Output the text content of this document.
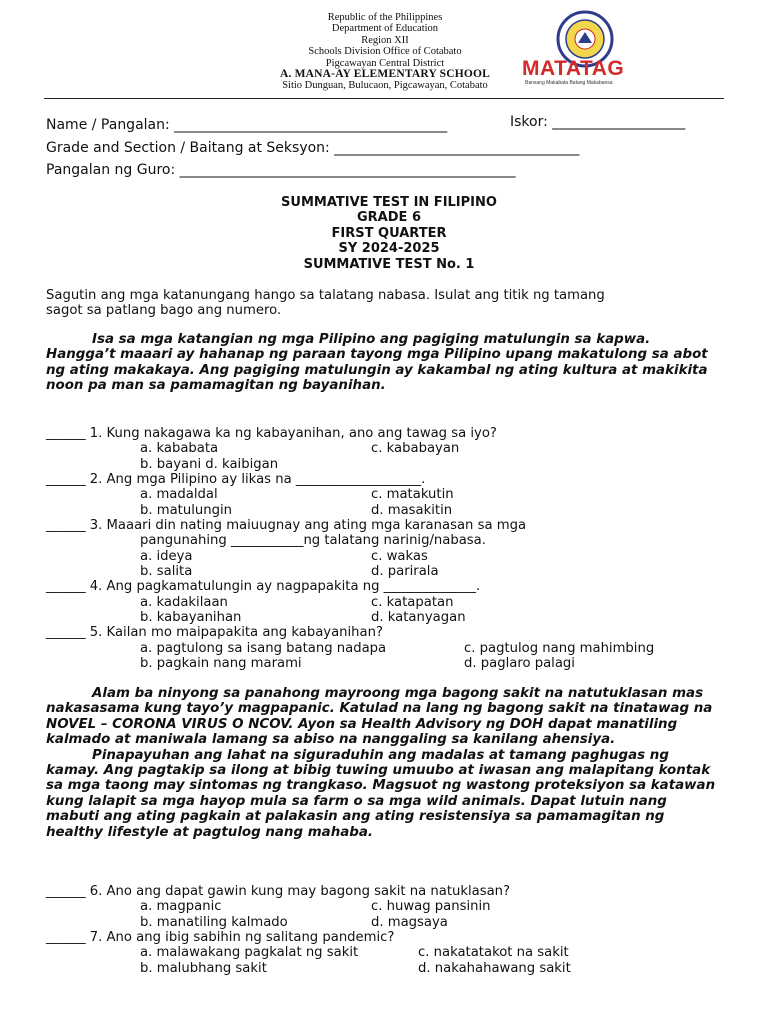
Republic of the Philippines
Department of Education
Region XII
Schools Division Office of Cotabato
Pigcawayan Central District
A. MANA-AY ELEMENTARY SCHOOL
Sitio Dunguan, Bulucaon, Pigcawayan, Cotabato
MATATAG
Bansang Makabata Batang Makabansa
Name / Pangalan: _______________________________________
Grade and Section / Baitang at Seksyon: ___________________________________
Pangalan ng Guro: ________________________________________________
Iskor: ___________________
SUMMATIVE TEST IN FILIPINO
GRADE 6
FIRST QUARTER
SY 2024-2025
SUMMATIVE TEST No. 1
Sagutin ang mga katanungang hango sa talatang nabasa. Isulat ang titik ng tamang sagot sa patlang bago ang numero.
Isa sa mga katangian ng mga Pilipino ang pagiging matulungin sa kapwa. Hangga’t maaari ay hahanap ng paraan tayong mga Pilipino upang makatulong sa abot ng ating makakaya. Ang pagiging matulungin ay kakambal ng ating kultura at makikita noon pa man sa pamamagitan ng bayanihan.
______ 1. Kung nakagawa ka ng kabayanihan, ano ang tawag sa iyo?
a. kababata	c. kababayan
b. bayani d. kaibigan
______ 2. Ang mga Pilipino ay likas na ___________________.
a. madaldal	c. matakutin
b. matulungin	d. masakitin
______ 3. Maaari din nating maiuugnay ang ating mga karanasan sa mga
pangunahing ___________ng talatang narinig/nabasa.
a. ideya	c. wakas
b. salita	d. parirala
______ 4. Ang pagkamatulungin ay nagpapakita ng ______________.
a. kadakilaan	c. katapatan
b. kabayanihan	d. katanyagan
______ 5. Kailan mo maipapakita ang kabayanihan?
a. pagtulong sa isang batang nadapa	c. pagtulog nang mahimbing
b. pagkain nang marami	d. paglaro palagi
Alam ba ninyong sa panahong mayroong mga bagong sakit na natutuklasan mas nakasasama kung tayo’y magpapanic. Katulad na lang ng bagong sakit na tinatawag na NOVEL – CORONA VIRUS O NCOV. Ayon sa Health Advisory ng DOH dapat manatiling kalmado at maniwala lamang sa abiso na nanggaling sa kanilang ahensiya.
Pinapayuhan ang lahat na siguraduhin ang madalas at tamang paghugas ng kamay. Ang pagtakip sa ilong at bibig tuwing umuubo at iwasan ang malapitang kontak sa mga taong may sintomas ng trangkaso. Magsuot ng wastong proteksiyon sa katawan kung lalapit sa mga hayop mula sa farm o sa mga wild animals. Dapat lutuin nang mabuti ang ating pagkain at palakasin ang ating resistensiya sa pamamagitan ng healthy lifestyle at pagtulog nang mahaba.
______ 6. Ano ang dapat gawin kung may bagong sakit na natuklasan?
a. magpanic	c. huwag pansinin
b. manatiling kalmado	d. magsaya
______ 7. Ano ang ibig sabihin ng salitang pandemic?
a. malawakang pagkalat ng sakit	c. nakatatakot na sakit
b. malubhang sakit	d. nakahahawang sakit
